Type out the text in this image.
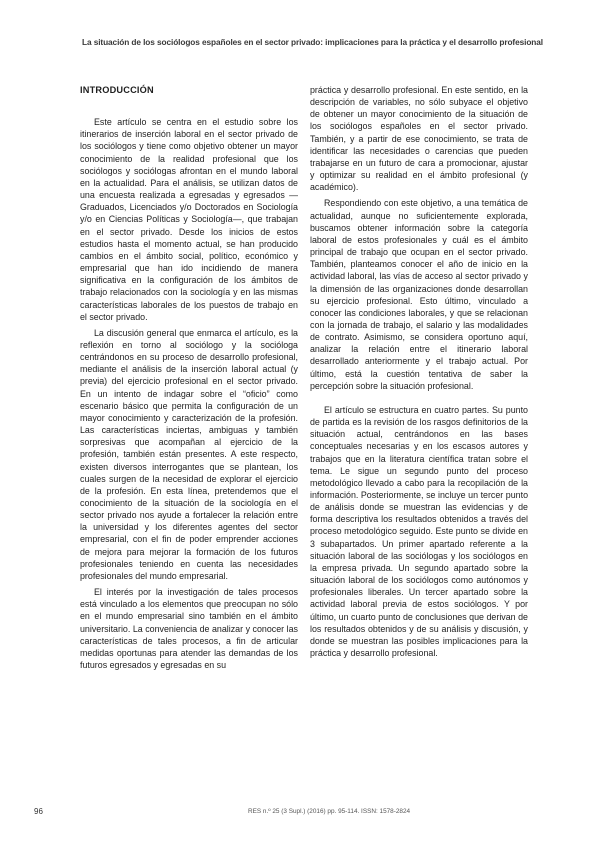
La situación de los sociólogos españoles en el sector privado: implicaciones para la práctica y el desarrollo profesional
INTRODUCCIÓN

Este artículo se centra en el estudio sobre los itinerarios de inserción laboral en el sector privado de los sociólogos y tiene como objetivo obtener un mayor conocimiento de la realidad profesional que los sociólogos y sociólogas afrontan en el mundo laboral en la actualidad. Para el análisis, se utilizan datos de una encuesta realizada a egresadas y egresados —Graduados, Licenciados y/o Doctorados en Sociología y/o en Ciencias Políticas y Sociología—, que trabajan en el sector privado. Desde los inicios de estos estudios hasta el momento actual, se han producido cambios en el ámbito social, político, económico y empresarial que han ido incidiendo de manera significativa en la configuración de los ámbitos de trabajo relacionados con la sociología y en las mismas características laborales de los puestos de trabajo en el sector privado.

La discusión general que enmarca el artículo, es la reflexión en torno al sociólogo y la socióloga centrándonos en su proceso de desarrollo profesional, mediante el análisis de la inserción laboral actual (y previa) del ejercicio profesional en el sector privado. En un intento de indagar sobre el “oficio” como escenario básico que permita la configuración de un mayor conocimiento y caracterización de la profesión. Las características inciertas, ambiguas y también sorpresivas que acompañan al ejercicio de la profesión, también están presentes. A este respecto, existen diversos interrogantes que se plantean, los cuales surgen de la necesidad de explorar el ejercicio de la profesión. En esta línea, pretendemos que el conocimiento de la situación de la sociología en el sector privado nos ayude a fortalecer la relación entre la universidad y los diferentes agentes del sector empresarial, con el fin de poder emprender acciones de mejora para mejorar la formación de los futuros profesionales teniendo en cuenta las necesidades profesionales del mundo empresarial.

El interés por la investigación de tales procesos está vinculado a los elementos que preocupan no sólo en el mundo empresarial sino también en el ámbito universitario. La conveniencia de analizar y conocer las características de tales procesos, a fin de articular medidas oportunas para atender las demandas de los futuros egresados y egresadas en su

práctica y desarrollo profesional. En este sentido, en la descripción de variables, no sólo subyace el objetivo de obtener un mayor conocimiento de la situación de los sociólogos españoles en el sector privado. También, y a partir de ese conocimiento, se trata de identificar las necesidades o carencias que pueden trabajarse en un futuro de cara a promocionar, ajustar y optimizar su realidad en el ámbito profesional (y académico).

Respondiendo con este objetivo, a una temática de actualidad, aunque no suficientemente explorada, buscamos obtener información sobre la categoría laboral de estos profesionales y cuál es el ámbito principal de trabajo que ocupan en el sector privado. También, planteamos conocer el año de inicio en la actividad laboral, las vías de acceso al sector privado y la dimensión de las organizaciones donde desarrollan su ejercicio profesional. Esto último, vinculado a conocer las condiciones laborales, y que se relacionan con la jornada de trabajo, el salario y las modalidades de contrato. Asimismo, se considera oportuno aquí, analizar la relación entre el itinerario laboral desarrollado anteriormente y el trabajo actual. Por último, está la cuestión tentativa de saber la percepción sobre la situación profesional.

El artículo se estructura en cuatro partes. Su punto de partida es la revisión de los rasgos definitorios de la situación actual, centrándonos en las bases conceptuales necesarias y en los escasos autores y trabajos que en la literatura científica tratan sobre el tema. Le sigue un segundo punto del proceso metodológico llevado a cabo para la recopilación de la información. Posteriormente, se incluye un tercer punto de análisis donde se muestran las evidencias y de forma descriptiva los resultados obtenidos a través del proceso metodológico seguido. Este punto se divide en 3 subapartados. Un primer apartado referente a la situación laboral de las sociólogas y los sociólogos en la empresa privada. Un segundo apartado sobre la situación laboral de los sociólogos como autónomos y profesionales liberales. Un tercer apartado sobre la actividad laboral previa de estos sociólogos. Y por último, un cuarto punto de conclusiones que derivan de los resultados obtenidos y de su análisis y discusión, y donde se muestran las posibles implicaciones para la práctica y desarrollo profesional.

96	RES n.º 25 (3 Supl.) (2016) pp. 95-114. ISSN: 1578-2824
